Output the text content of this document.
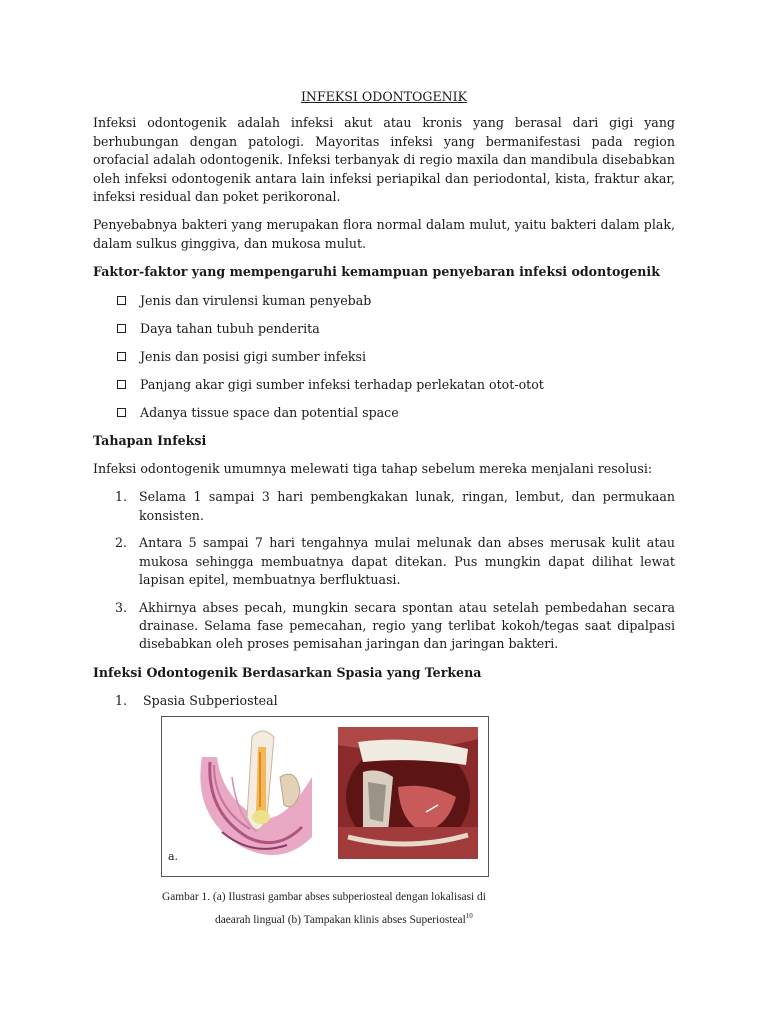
INFEKSI ODONTOGENIK

Infeksi odontogenik adalah infeksi akut atau kronis yang berasal dari gigi yang berhubungan dengan patologi. Mayoritas infeksi yang bermanifestasi pada region orofacial adalah odontogenik. Infeksi terbanyak di regio maxila dan mandibula disebabkan oleh infeksi odontogenik antara lain infeksi periapikal dan periodontal, kista, fraktur akar, infeksi residual dan poket perikoronal.

Penyebabnya bakteri yang merupakan flora normal dalam mulut, yaitu bakteri dalam plak, dalam sulkus ginggiva, dan mukosa mulut.

Faktor-faktor yang mempengaruhi kemampuan penyebaran infeksi odontogenik
Jenis dan virulensi kuman penyebab
Daya tahan tubuh penderita
Jenis dan posisi gigi sumber infeksi
Panjang akar gigi sumber infeksi terhadap perlekatan otot-otot
Adanya tissue space dan potential space
Tahapan Infeksi

Infeksi odontogenik umumnya melewati tiga tahap sebelum mereka menjalani resolusi:

1. Selama 1 sampai 3 hari pembengkakan lunak, ringan, lembut, dan permukaan konsisten.
2. Antara 5 sampai 7 hari tengahnya mulai melunak dan abses merusak kulit atau mukosa sehingga membuatnya dapat ditekan. Pus mungkin dapat dilihat lewat lapisan epitel, membuatnya berfluktuasi.
3. Akhirnya abses pecah, mungkin secara spontan atau setelah pembedahan secara drainase. Selama fase pemecahan, regio yang terlibat kokoh/tegas saat dipalpasi disebabkan oleh proses pemisahan jaringan dan jaringan bakteri.
Infeksi Odontogenik Berdasarkan Spasia yang Terkena
1. Spasia Subperiosteal
a.
Gambar 1. (a) Ilustrasi gambar abses subperiosteal dengan lokalisasi di
daearah lingual (b) Tampakan klinis abses Superiosteal$^{10}$
